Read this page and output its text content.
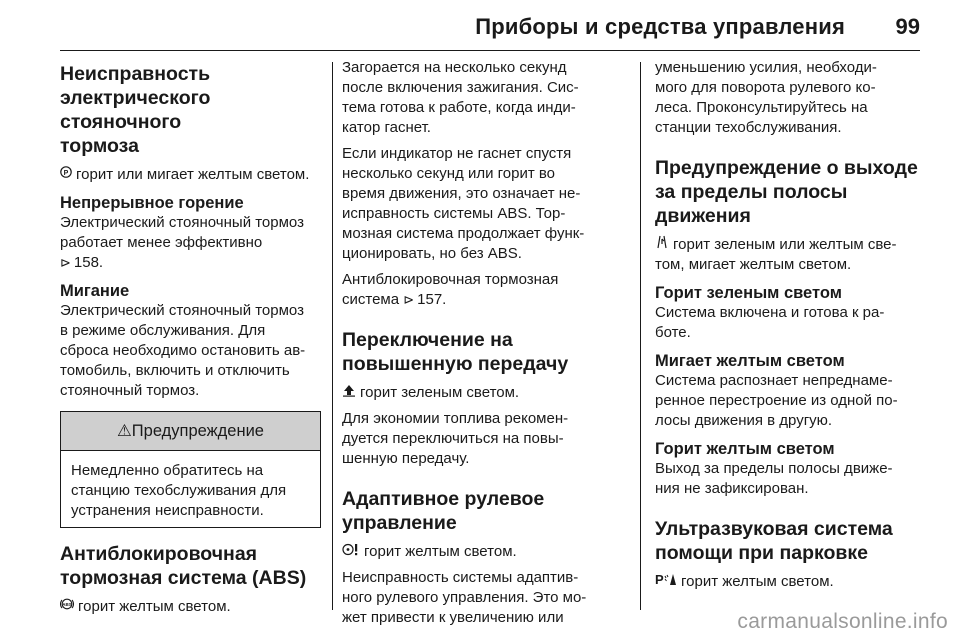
Приборы и средства управления 99
Неисправность
электрического стояночного
тормоза
P горит или мигает желтым светом.
Непрерывное горение
Электрический стояночный тормоз
работает менее эффективно
⊳ 158.
Мигание
Электрический стояночный тормоз
в режиме обслуживания. Для
сброса необходимо остановить ав-
томобиль, включить и отключить
стояночный тормоз.
⚠Предупреждение
Немедленно обратитесь на
станцию техобслуживания для
устранения неисправности.
Антиблокировочная
тормозная система (ABS)
ABS горит желтым светом.
Загорается на несколько секунд
после включения зажигания. Сис-
тема готова к работе, когда инди-
катор гаснет.
Если индикатор не гаснет спустя
несколько секунд или горит во
время движения, это означает не-
исправность системы ABS. Тор-
мозная система продолжает функ-
ционировать, но без ABS.
Антиблокировочная тормозная
система ⊳ 157.
Переключение на
повышенную передачу
горит зеленым светом.
Для экономии топлива рекомен-
дуется переключиться на повы-
шенную передачу.
Адаптивное рулевое
управление
горит желтым светом.
Неисправность системы адаптив-
ного рулевого управления. Это мо-
жет привести к увеличению или
уменьшению усилия, необходи-
мого для поворота рулевого ко-
леса. Проконсультируйтесь на
станции техобслуживания.
Предупреждение о выходе
за пределы полосы
движения
горит зеленым или желтым све-
том, мигает желтым светом.
Горит зеленым светом
Система включена и готова к ра-
боте.
Мигает желтым светом
Система распознает непреднаме-
ренное перестроение из одной по-
лосы движения в другую.
Горит желтым светом
Выход за пределы полосы движе-
ния не зафиксирован.
Ультразвуковая система
помощи при парковке
P горит желтым светом.
carmanualsonline.info
